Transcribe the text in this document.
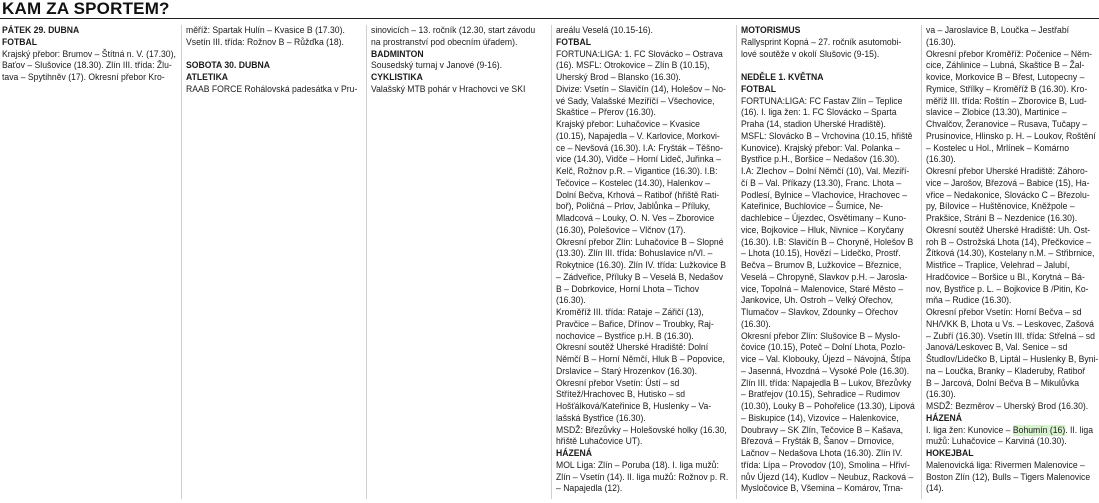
KAM ZA SPORTEM?

PÁTEK 29. DUBNA

FOTBAL

Krajský přebor: Brumov – Štítná n. V. (17.30),

Baťov – Slušovice (18.30). Zlín III. třída: Žlu-

tava – Spytihněv (17). Okresní přebor Kro-

měříž: Spartak Hulín – Kvasice B (17.30).

Vsetín III. třída: Rožnov B – Růžďka (18).

SOBOTA 30. DUBNA

ATLETIKA

RAAB FORCE Rohálovská padesátka v Pru-

sinovicích – 13. ročník (12.30, start závodu

na prostranství pod obecním úřadem).

BADMINTON

Sousedský turnaj v Janové (9-16).

CYKLISTIKA

Valašský MTB pohár v Hrachovci ve SKI

areálu Veselá (10.15-16).

FOTBAL

FORTUNA:LIGA: 1. FC Slovácko – Ostrava

(16). MSFL: Otrokovice – Zlín B (10.15),

Uherský Brod – Blansko (16.30).

Divize: Vsetín – Slavičín (14), Holešov – No-

vé Sady, Valašské Meziříčí – Všechovice,

Skaštice – Přerov (16.30).

Krajský přebor: Luhačovice – Kvasice

(10.15), Napajedla – V. Karlovice, Morkovi-

ce – Nevšová (16.30). I.A: Fryšták – Těšno-

vice (14.30), Vidče – Horní Lideč, Juřinka –

Kelč, Rožnov p.R. – Vigantice (16.30). I.B:

Tečovice – Kostelec (14.30), Halenkov –

Dolní Bečva, Krhová – Ratiboř (hřiště Rati-

boř), Poličná – Prlov, Jablůnka – Příluky,

Mladcová – Louky, O. N. Ves – Zborovice

(16.30), Polešovice – Vlčnov (17).

Okresní přebor Zlín: Luhačovice B – Slopné

(13.30). Zlín III. třída: Bohuslavice n/Vl. –

Rokytnice (16.30). Zlín IV. třída: Lužkovice B

– Zádveřice, Příluky B – Veselá B, Nedašov

B – Dobrkovice, Horní Lhota – Tichov

(16.30).

Kroměříž III. třída: Rataje – Zářičí (13),

Pravčice – Bařice, Dřínov – Troubky, Raj-

nochovice – Bystřice p.H. B (16.30).

Okresní soutěž Uherské Hradiště: Dolní

Němčí B – Horní Němčí, Hluk B – Popovice,

Drslavice – Starý Hrozenkov (16.30).

Okresní přebor Vsetín: Ústí – sd

Střítež/Hrachovec B, Hutisko – sd

Hošťálková/Kateřinice B, Huslenky – Va-

lašská Bystřice (16.30).

MSDŽ: Březůvky – Holešovské holky (16.30,

hřiště Luhačovice UT).

HÁZENÁ

MOL Liga: Zlín – Poruba (18). I. liga mužů:

Zlín – Vsetín (14). II. liga mužů: Rožnov p. R.

– Napajedla (12).

MOTORISMUS

Rallysprint Kopná – 27. ročník asutomobi-

lové soutěže v okolí Slušovic (9-15).

NEDĚLE 1. KVĚTNA

FOTBAL

FORTUNA:LIGA: FC Fastav Zlín – Teplice

(16). I. liga žen: 1. FC Slovácko – Sparta

Praha (14, stadion Uherské Hradiště).

MSFL: Slovácko B – Vrchovina (10.15, hřiště

Kunovice). Krajský přebor: Val. Polanka –

Bystřice p.H., Boršice – Nedašov (16.30).

I.A: Zlechov – Dolní Němčí (10), Val. Meziří-

čí B – Val. Příkazy (13.30), Franc. Lhota –

Podlesí, Bylnice – Vlachovice, Hrachovec –

Kateřinice, Buchlovice – Šumice, Ne-

dachlebice – Újezdec, Osvětimany – Kuno-

vice, Bojkovice – Hluk, Nivnice – Koryčany

(16.30). I.B: Slavičín B – Choryně, Holešov B

– Lhota (10.15), Hovězí – Lidečko, Prostř.

Bečva – Brumov B, Lužkovice – Březnice,

Veselá – Chropyně, Slavkov p.H. – Jarosla-

vice, Topolná – Malenovice, Staré Město –

Jankovice, Uh. Ostroh – Velký Ořechov,

Tlumačov – Slavkov, Zdounky – Ořechov

(16.30).

Okresní přebor Zlín: Slušovice B – Myslo-

čovice (10.15), Poteč – Dolní Lhota, Pozlo-

vice – Val. Klobouky, Újezd – Návojná, Štípa

– Jasenná, Hvozdná – Vysoké Pole (16.30).

Zlín III. třída: Napajedla B – Lukov, Březůvky

– Bratřejov (10.15), Sehradice – Rudimov

(10.30), Louky B – Pohořelice (13.30), Lipová

– Biskupice (14), Vizovice – Halenkovice,

Doubravy – SK Zlín, Tečovice B – Kašava,

Březová – Fryšták B, Šanov – Drnovice,

Lačnov – Nedašova Lhota (16.30). Zlín IV.

třída: Lípa – Provodov (10), Smolina – Hřiví-

nův Újezd (14), Kudlov – Neubuz, Racková –

Mysločovice B, Všemina – Komárov, Trna-

va – Jaroslavice B, Loučka – Jestřabí

(16.30).

Okresní přebor Kroměříž: Počenice – Něm-

cice, Záhlinice – Lubná, Skaštice B – Žal-

kovice, Morkovice B – Břest, Lutopecny –

Rymice, Střílky – Kroměříž B (16.30). Kro-

měříž III. třída: Roštín – Zborovice B, Lud-

slavice – Zlobice (13.30), Martinice –

Chvalčov, Žeranovice – Rusava, Tučapy –

Prusinovice, Hlinsko p. H. – Loukov, Roštění

– Kostelec u Hol., Mrlínek – Komárno

(16.30).

Okresní přebor Uherské Hradiště: Záhoro-

vice – Jarošov, Březová – Babice (15), Ha-

vřice – Nedakonice, Slovácko C – Březolu-

py, Bílovice – Huštěnovice, Kněžpole –

Prakšice, Stráni B – Nezdenice (16.30).

Okresní soutěž Uherské Hradiště: Uh. Ost-

roh B – Ostrožská Lhota (14), Přečkovice –

Žítková (14.30), Kostelany n.M. – Střibrnice,

Mistřice – Traplice, Velehrad – Jalubí,

Hradčovice – Boršice u Bl., Korytná – Bá-

nov, Bystřice p. L. – Bojkovice B /Pitin, Ko-

mňa – Rudice (16.30).

Okresní přebor Vsetín: Horní Bečva – sd

NH/VKK B, Lhota u Vs. – Leskovec, Zašová

– Zubří (16.30). Vsetín III. třída: Střelná – sd

Janová/Leskovec B, Val. Senice – sd

Študlov/Lidečko B, Liptál – Huslenky B, Byni-

na – Loučka, Branky – Kladeruby, Ratiboř

B – Jarcová, Dolní Bečva B – Mikulůvka

(16.30).

MSDŽ: Bezměrov – Uherský Brod (16.30).

HÁZENÁ

I. liga žen: Kunovice – Bohumín (16). II. liga

mužů: Luhačovice – Karviná (10.30).

HOKEJBAL

Malenovická liga: Rivermen Malenovice –

Boston Zlín (12), Bulls – Tigers Malenovice

(14).
